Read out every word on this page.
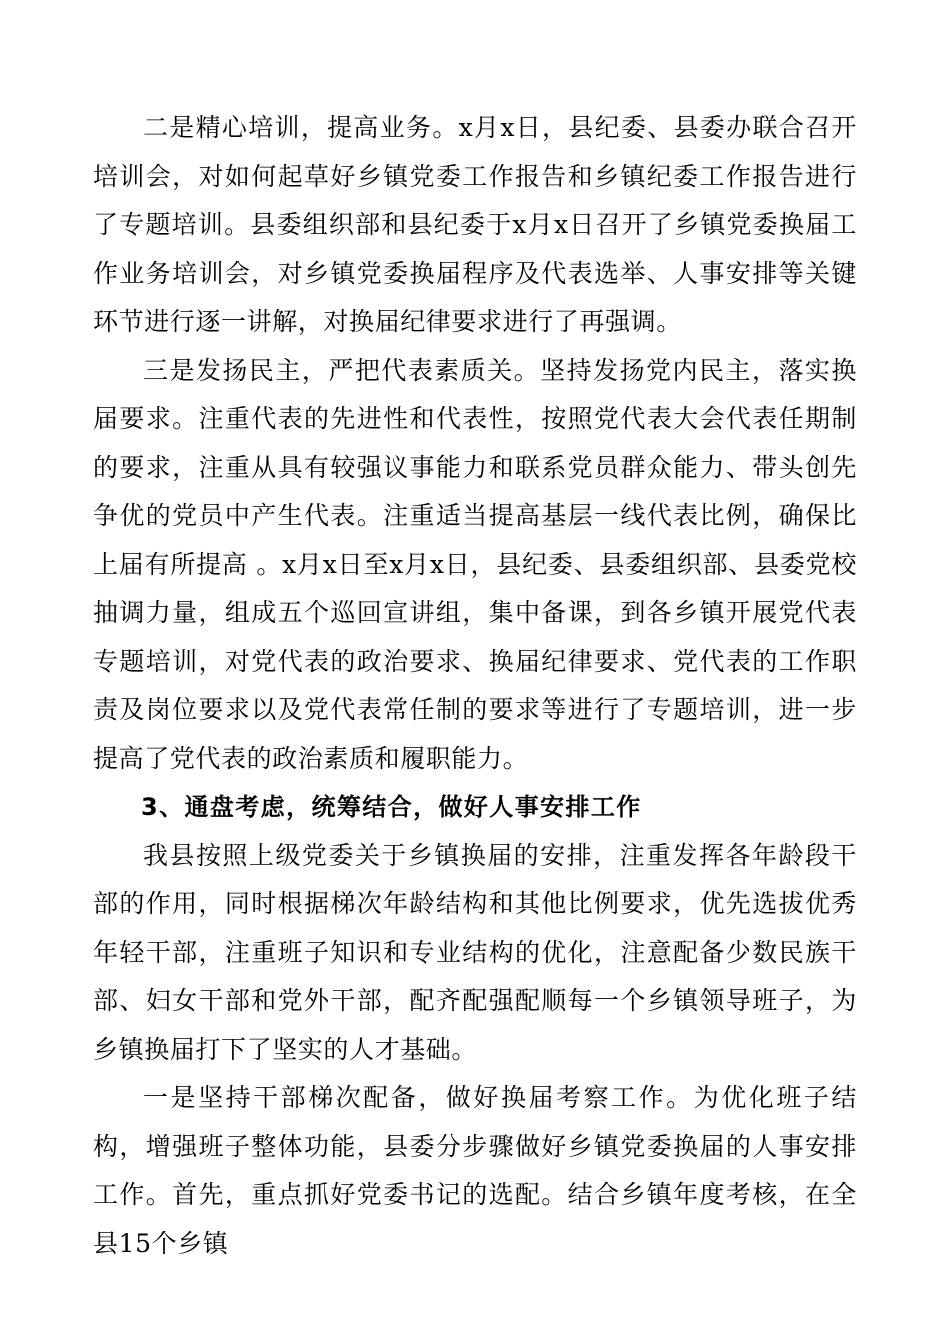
二是精心培训，提高业务。x月x日，县纪委、县委办联合召开培训会，对如何起草好乡镇党委工作报告和乡镇纪委工作报告进行了专题培训。县委组织部和县纪委于x月x日召开了乡镇党委换届工作业务培训会，对乡镇党委换届程序及代表选举、人事安排等关键环节进行逐一讲解，对换届纪律要求进行了再强调。

三是发扬民主，严把代表素质关。坚持发扬党内民主，落实换届要求。注重代表的先进性和代表性，按照党代表大会代表任期制的要求，注重从具有较强议事能力和联系党员群众能力、带头创先争优的党员中产生代表。注重适当提高基层一线代表比例，确保比上届有所提高 。x月x日至x月x日，县纪委、县委组织部、县委党校抽调力量，组成五个巡回宣讲组，集中备课，到各乡镇开展党代表专题培训，对党代表的政治要求、换届纪律要求、党代表的工作职责及岗位要求以及党代表常任制的要求等进行了专题培训，进一步提高了党代表的政治素质和履职能力。

3、通盘考虑，统筹结合，做好人事安排工作

我县按照上级党委关于乡镇换届的安排，注重发挥各年龄段干部的作用，同时根据梯次年龄结构和其他比例要求，优先选拔优秀年轻干部，注重班子知识和专业结构的优化，注意配备少数民族干部、妇女干部和党外干部，配齐配强配顺每一个乡镇领导班子，为乡镇换届打下了坚实的人才基础。

一是坚持干部梯次配备，做好换届考察工作。为优化班子结构，增强班子整体功能，县委分步骤做好乡镇党委换届的人事安排工作。首先，重点抓好党委书记的选配。结合乡镇年度考核，在全县15个乡镇
